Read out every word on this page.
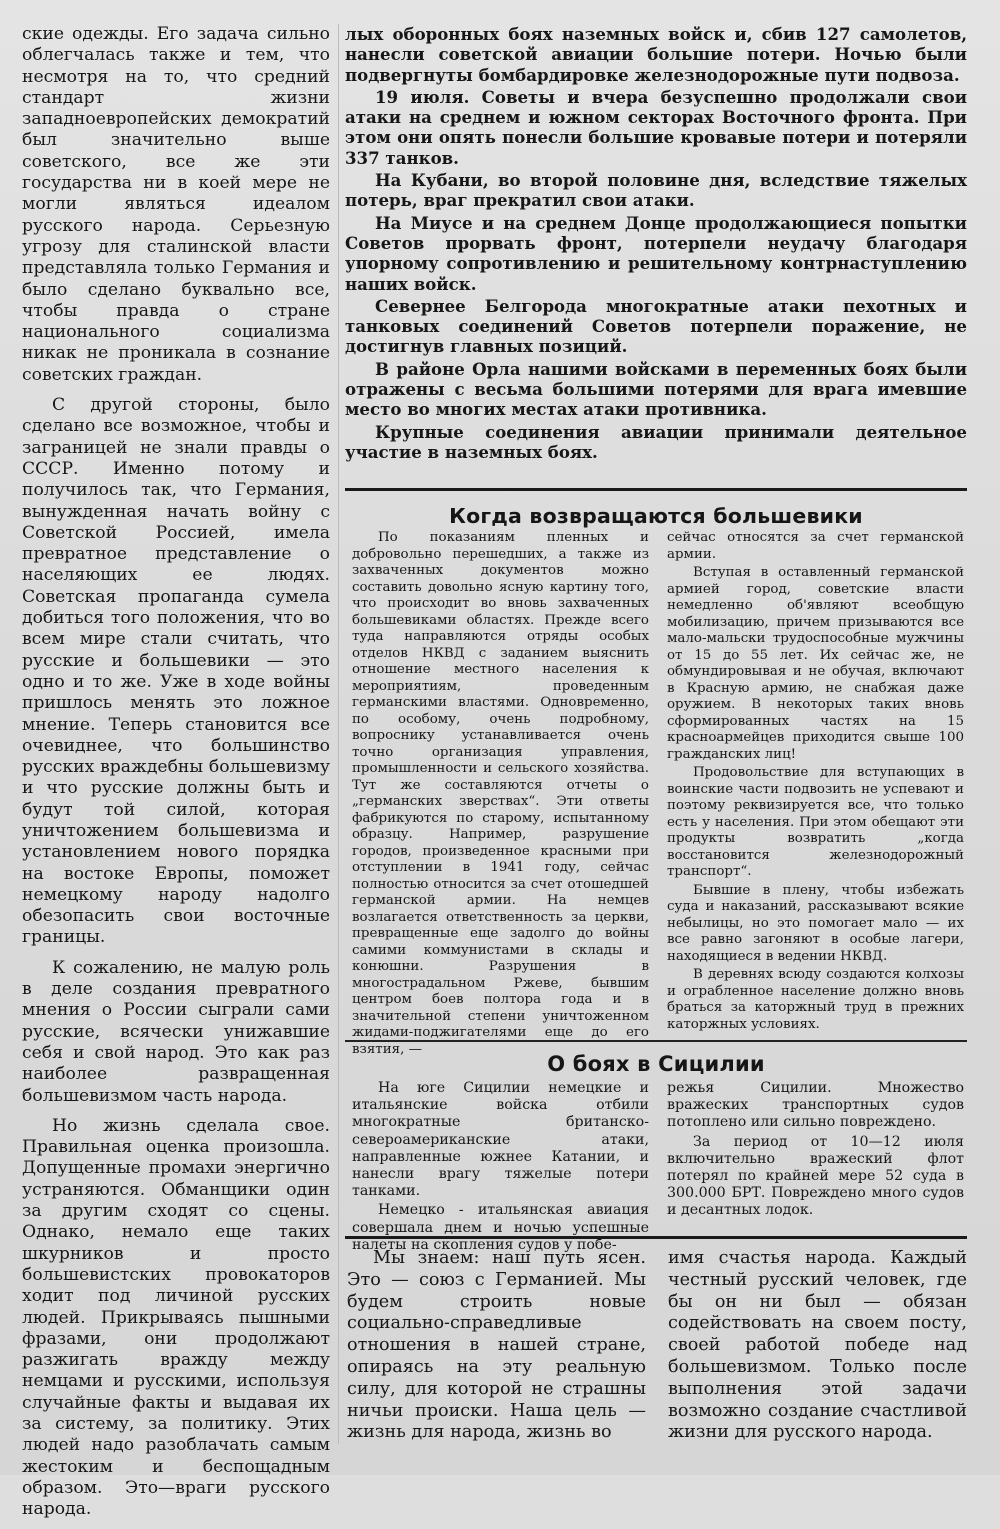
ские одежды. Его задача сильно облегчалась также и тем, что несмотря на то, что средний стандарт жизни западноевропейских демократий был значительно выше советского, все же эти государства ни в коей мере не могли являться идеалом русского народа. Серьезную угрозу для сталинской власти представляла только Германия и было сделано буквально все, чтобы правда о стране национального социализма никак не проникала в сознание советских граждан.

С другой стороны, было сделано все возможное, чтобы и заграницей не знали правды о СССР. Именно потому и получилось так, что Германия, вынужденная начать войну с Советской Россией, имела превратное представление о населяющих ее людях. Советская пропаганда сумела добиться того положения, что во всем мире стали считать, что русские и большевики — это одно и то же. Уже в ходе войны пришлось менять это ложное мнение. Теперь становится все очевиднее, что большинство русских враждебны большевизму и что русские должны быть и будут той силой, которая уничтожением большевизма и установлением нового порядка на востоке Европы, поможет немецкому народу надолго обезопасить свои восточные границы.

К сожалению, не малую роль в деле создания превратного мнения о России сыграли сами русские, всячески унижавшие себя и свой народ. Это как раз наиболее развращенная большевизмом часть народа.

Но жизнь сделала свое. Правильная оценка произошла. Допущенные промахи энергично устраняются. Обманщики один за другим сходят со сцены. Однако, немало еще таких шкурников и просто большевистских провокаторов ходит под личиной русских людей. Прикрываясь пышными фразами, они продолжают разжигать вражду между немцами и русскими, используя случайные факты и выдавая их за систему, за политику. Этих людей надо разоблачать самым жестоким и беспощадным образом. Это—враги русского народа.

лых оборонных боях наземных войск и, сбив 127 самолетов, нанесли советской авиации большие потери. Ночью были подвергнуты бомбардировке железнодорожные пути подвоза.

19 июля. Советы и вчера безуспешно продолжали свои атаки на среднем и южном секторах Восточного фронта. При этом они опять понесли большие кровавые потери и потеряли 337 танков.

На Кубани, во второй половине дня, вследствие тяжелых потерь, враг прекратил свои атаки.

На Миусе и на среднем Донце продолжающиеся попытки Советов прорвать фронт, потерпели неудачу благодаря упорному сопротивлению и решительному контрнаступлению наших войск.

Севернее Белгорода многократные атаки пехотных и танковых соединений Советов потерпели поражение, не достигнув главных позиций.

В районе Орла нашими войсками в переменных боях были отражены с весьма большими потерями для врага имевшие место во многих местах атаки противника.

Крупные соединения авиации принимали деятельное участие в наземных боях.

Когда возвращаются большевики

По показаниям пленных и добровольно перешедших, а также из захваченных документов можно составить довольно ясную картину того, что происходит во вновь захваченных большевиками областях. Прежде всего туда направляются отряды особых отделов НКВД с заданием выяснить отношение местного населения к мероприятиям, проведенным германскими властями. Одновременно, по особому, очень подробному, вопроснику устанавливается очень точно организация управления, промышленности и сельского хозяйства. Тут же составляются отчеты о „германских зверствах“. Эти ответы фабрикуются по старому, испытанному образцу. Например, разрушение городов, произведенное красными при отступлении в 1941 году, сейчас полностью относится за счет отошедшей германской армии. На немцев возлагается ответственность за церкви, превращенные еще задолго до войны самими коммунистами в склады и конюшни. Разрушения в многострадальном Ржеве, бывшим центром боев полтора года и в значительной степени уничтоженном жидами-поджигателями еще до его взятия, —

сейчас относятся за счет германской армии.

Вступая в оставленный германской армией город, советские власти немедленно об'являют всеобщую мобилизацию, причем призываются все мало-мальски трудоспособные мужчины от 15 до 55 лет. Их сейчас же, не обмундировывая и не обучая, включают в Красную армию, не снабжая даже оружием. В некоторых таких вновь сформированных частях на 15 красноармейцев приходится свыше 100 гражданских лиц!

Продовольствие для вступающих в воинские части подвозить не успевают и поэтому реквизируется все, что только есть у населения. При этом обещают эти продукты возвратить „когда восстановится железнодорожный транспорт“.

Бывшие в плену, чтобы избежать суда и наказаний, рассказывают всякие небылицы, но это помогает мало — их все равно загоняют в особые лагери, находящиеся в ведении НКВД.

В деревнях всюду создаются колхозы и ограбленное население должно вновь браться за каторжный труд в прежних каторжных условиях.

О боях в Сицилии

На юге Сицилии немецкие и итальянские войска отбили многократные британско-североамериканские атаки, направленные южнее Катании, и нанесли врагу тяжелые потери танками.

Немецко - итальянская авиация совершала днем и ночью успешные налеты на скопления судов у побе-

режья Сицилии. Множество вражеских транспортных судов потоплено или сильно повреждено.

За период от 10—12 июля включительно вражеский флот потерял по крайней мере 52 суда в 300.000 БРТ. Повреждено много судов и десантных лодок.

Мы знаем: наш путь ясен. Это — союз с Германией. Мы будем строить новые социально-справедливые отношения в нашей стране, опираясь на эту реальную силу, для которой не страшны ничьи происки. Наша цель — жизнь для народа, жизнь во

имя счастья народа. Каждый честный русский человек, где бы он ни был — обязан содействовать на своем посту, своей работой победе над большевизмом. Только после выполнения этой задачи возможно создание счастливой жизни для русского народа.
